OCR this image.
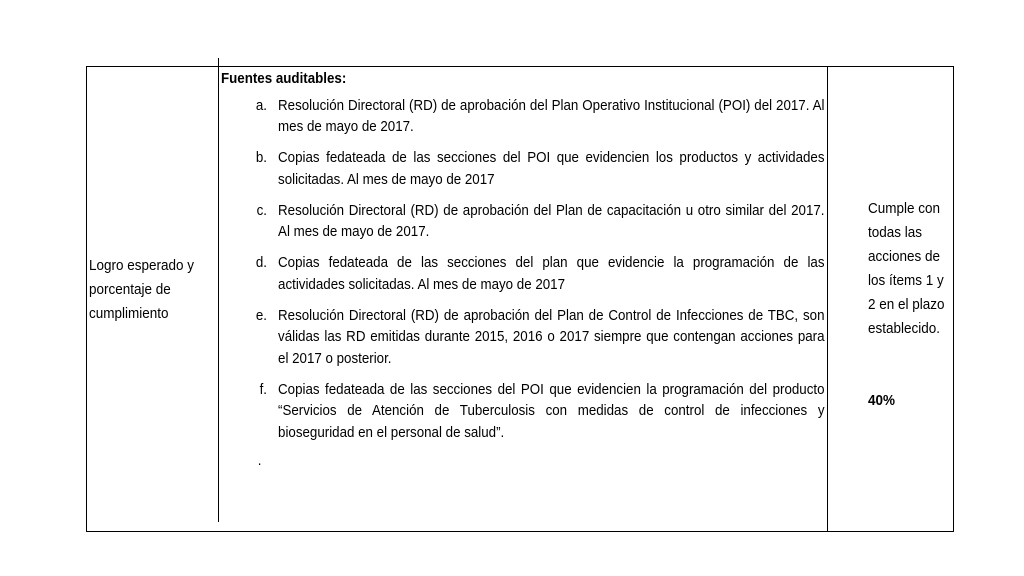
Logro esperado y porcentaje de cumplimiento
Fuentes auditables:
a. Resolución Directoral (RD) de aprobación del Plan Operativo Institucional (POI) del 2017. Al mes de mayo de 2017.
b. Copias fedateada de las secciones del POI que evidencien los productos y actividades solicitadas. Al mes de mayo de 2017
c. Resolución Directoral (RD) de aprobación del Plan de capacitación u otro similar del 2017. Al mes de mayo de 2017.
d. Copias fedateada de las secciones del plan que evidencie la programación de las actividades solicitadas. Al mes de mayo de 2017
e. Resolución Directoral (RD) de aprobación del Plan de Control de Infecciones de TBC, son válidas las RD emitidas durante 2015, 2016 o 2017 siempre que contengan acciones para el 2017 o posterior.
f. Copias fedateada de las secciones del POI que evidencien la programación del producto “Servicios de Atención de Tuberculosis con medidas de control de infecciones y bioseguridad en el personal de salud”.
.
Cumple con todas las acciones de los ítems 1 y 2 en el plazo establecido.
40%
